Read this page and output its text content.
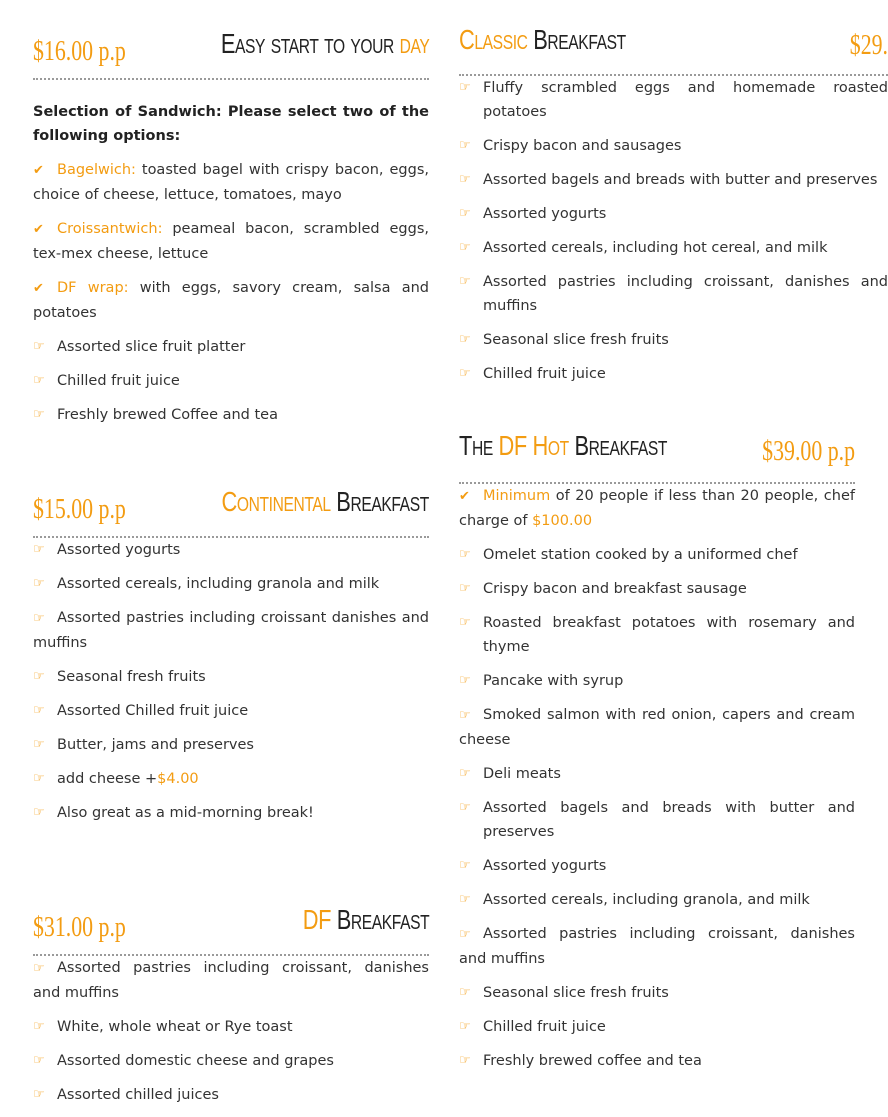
$16.00 p.p	Easy start to your day
Selection of Sandwich: Please select two of the following options:
✔ Bagelwich: toasted bagel with crispy bacon, eggs, choice of cheese, lettuce, tomatoes, mayo
✔ Croissantwich: peameal bacon, scrambled eggs, tex-mex cheese, lettuce
✔ DF wrap: with eggs, savory cream, salsa and potatoes
☞ Assorted slice fruit platter
☞ Chilled fruit juice
☞ Freshly brewed Coffee and tea
$15.00 p.p	Continental Breakfast
☞ Assorted yogurts
☞ Assorted cereals, including granola and milk
☞ Assorted pastries including croissant danishes and muffins
☞ Seasonal fresh fruits
☞ Assorted Chilled fruit juice
☞ Butter, jams and preserves
☞ add cheese +$4.00
☞ Also great as a mid-morning break!
$31.00 p.p	DF Breakfast
☞ Assorted pastries including croissant, danishes and muffins
☞ White, whole wheat or Rye toast
☞ Assorted domestic cheese and grapes
☞ Assorted chilled juices
Classic Breakfast	$29.
☞ Fluffy scrambled eggs and homemade roasted potatoes
☞ Crispy bacon and sausages
☞ Assorted bagels and breads with butter and preserves
☞ Assorted yogurts
☞ Assorted cereals, including hot cereal, and milk
☞ Assorted pastries including croissant, danishes and muffins
☞ Seasonal slice fresh fruits
☞ Chilled fruit juice
The DF Hot Breakfast	$39.00 p.p
✔ Minimum of 20 people if less than 20 people, chef charge of $100.00
☞ Omelet station cooked by a uniformed chef
☞ Crispy bacon and breakfast sausage
☞ Roasted breakfast potatoes with rosemary and thyme
☞ Pancake with syrup
☞ Smoked salmon with red onion, capers and cream cheese
☞ Deli meats
☞ Assorted bagels and breads with butter and preserves
☞ Assorted yogurts
☞ Assorted cereals, including granola, and milk
☞ Assorted pastries including croissant, danishes and muffins
☞ Seasonal slice fresh fruits
☞ Chilled fruit juice
☞ Freshly brewed coffee and tea
